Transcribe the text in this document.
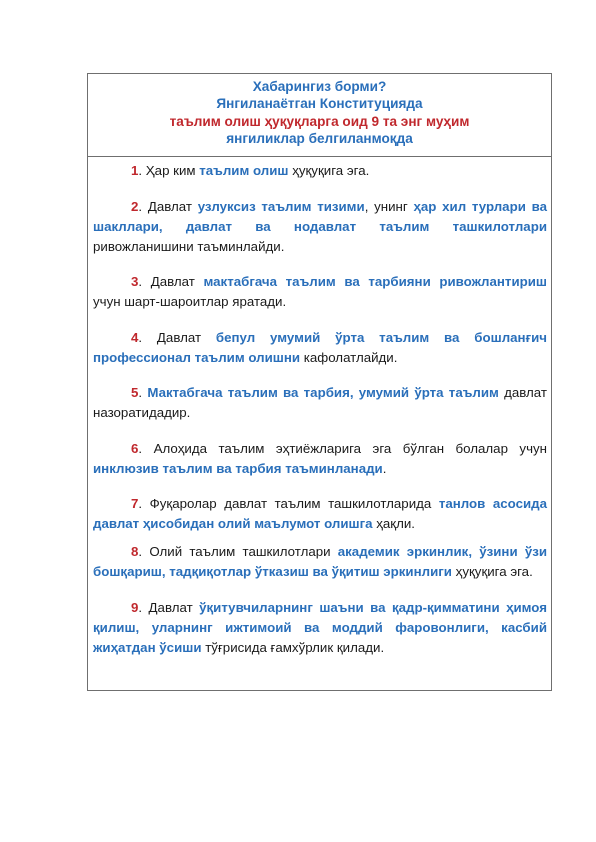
Хабарингиз борми?
Янгиланаётган Конституцияда
таълим олиш ҳуқуқларга оид 9 та энг муҳим
янгиликлар белгиланмоқда
1. Ҳар ким таълим олиш ҳуқуқига эга.
2. Давлат узлуксиз таълим тизими, унинг ҳар хил турлари ва шакллари, давлат ва нодавлат таълим ташкилотлари ривожланишини таъминлайди.
3. Давлат мактабгача таълим ва тарбияни ривожлантириш учун шарт-шароитлар яратади.
4. Давлат бепул умумий ўрта таълим ва бошланғич профессионал таълим олишни кафолатлайди.
5. Мактабгача таълим ва тарбия, умумий ўрта таълим давлат назоратидадир.
6. Алоҳида таълим эҳтиёжларига эга бўлган болалар учун инклюзив таълим ва тарбия таъминланади.
7. Фуқаролар давлат таълим ташкилотларида танлов асосида давлат ҳисобидан олий маълумот олишга ҳақли.
8. Олий таълим ташкилотлари академик эркинлик, ўзини ўзи бошқариш, тадқиқотлар ўтказиш ва ўқитиш эркинлиги ҳуқуқига эга.
9. Давлат ўқитувчиларнинг шаъни ва қадр-қимматини ҳимоя қилиш, уларнинг ижтимоий ва моддий фаровонлиги, касбий жиҳатдан ўсиши тўғрисида ғамхўрлик қилади.
